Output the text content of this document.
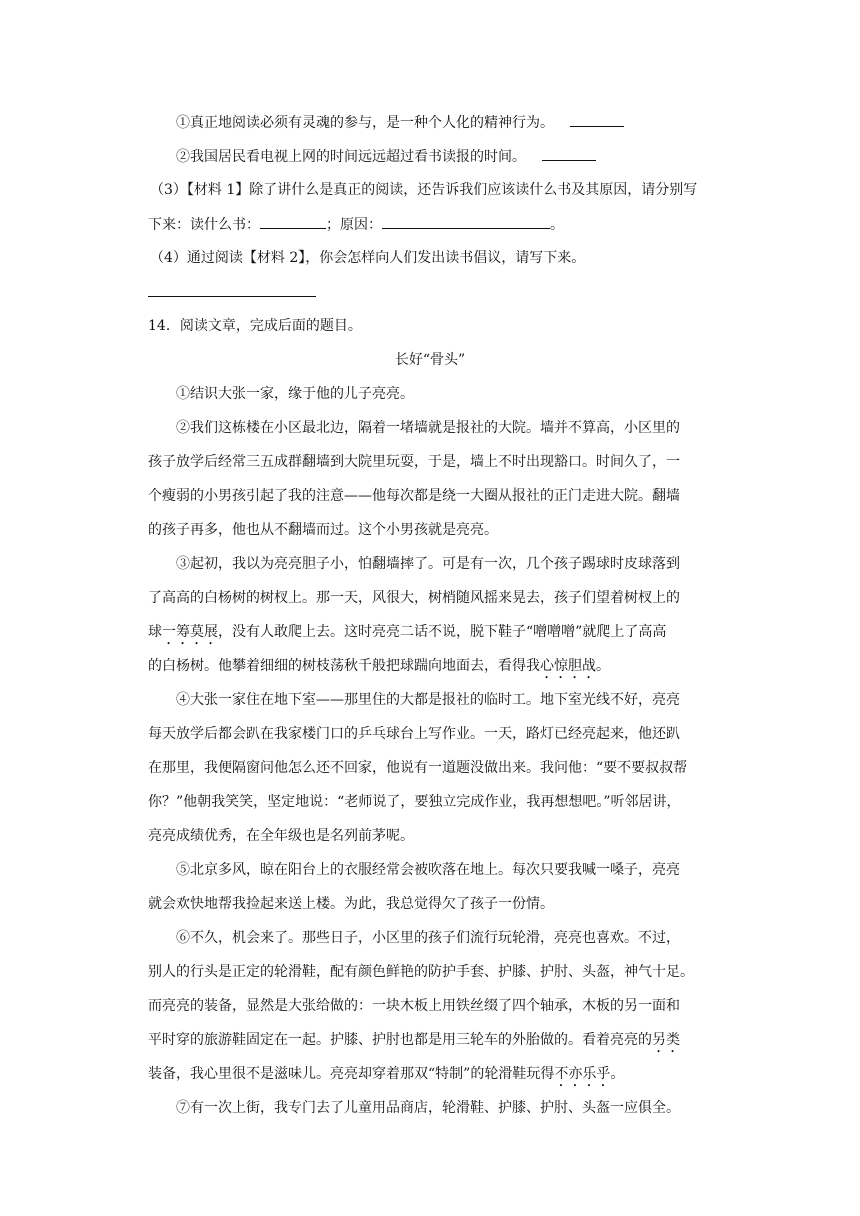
①真正地阅读必须有灵魂的参与，是一种个人化的精神行为。
②我国居民看电视上网的时间远远超过看书读报的时间。
（3）【材料 1】除了讲什么是真正的阅读，还告诉我们应该读什么书及其原因，请分别写
下来：读什么书：	；原因：	。
（4）通过阅读【材料 2】，你会怎样向人们发出读书倡议，请写下来。
14．阅读文章，完成后面的题目。
长好“骨头”
①结识大张一家，缘于他的儿子亮亮。
②我们这栋楼在小区最北边，隔着一堵墙就是报社的大院。墙并不算高，小区里的
孩子放学后经常三五成群翻墙到大院里玩耍，于是，墙上不时出现豁口。时间久了，一
个瘦弱的小男孩引起了我的注意——他每次都是绕一大圈从报社的正门走进大院。翻墙
的孩子再多，他也从不翻墙而过。这个小男孩就是亮亮。
③起初，我以为亮亮胆子小，怕翻墙摔了。可是有一次，几个孩子踢球时皮球落到
了高高的白杨树的树杈上。那一天，风很大，树梢随风摇来晃去，孩子们望着树杈上的
球一筹莫展，没有人敢爬上去。这时亮亮二话不说，脱下鞋子“噌噌噌”就爬上了高高
的白杨树。他攀着细细的树枝荡秋千般把球踹向地面去，看得我心惊胆战。
④大张一家住在地下室——那里住的大都是报社的临时工。地下室光线不好，亮亮
每天放学后都会趴在我家楼门口的乒乓球台上写作业。一天，路灯已经亮起来，他还趴
在那里，我便隔窗问他怎么还不回家，他说有一道题没做出来。我问他：“要不要叔叔帮
你？”他朝我笑笑，坚定地说：“老师说了，要独立完成作业，我再想想吧。”听邻居讲，
亮亮成绩优秀，在全年级也是名列前茅呢。
⑤北京多风，晾在阳台上的衣服经常会被吹落在地上。每次只要我喊一嗓子，亮亮
就会欢快地帮我捡起来送上楼。为此，我总觉得欠了孩子一份情。
⑥不久，机会来了。那些日子，小区里的孩子们流行玩轮滑，亮亮也喜欢。不过，
别人的行头是正定的轮滑鞋，配有颜色鲜艳的防护手套、护膝、护肘、头盔，神气十足。
而亮亮的装备，显然是大张给做的：一块木板上用铁丝缀了四个轴承，木板的另一面和
平时穿的旅游鞋固定在一起。护膝、护肘也都是用三轮车的外胎做的。看着亮亮的另类
装备，我心里很不是滋味儿。亮亮却穿着那双“特制”的轮滑鞋玩得不亦乐乎。
⑦有一次上街，我专门去了儿童用品商店，轮滑鞋、护膝、护肘、头盔一应俱全。
